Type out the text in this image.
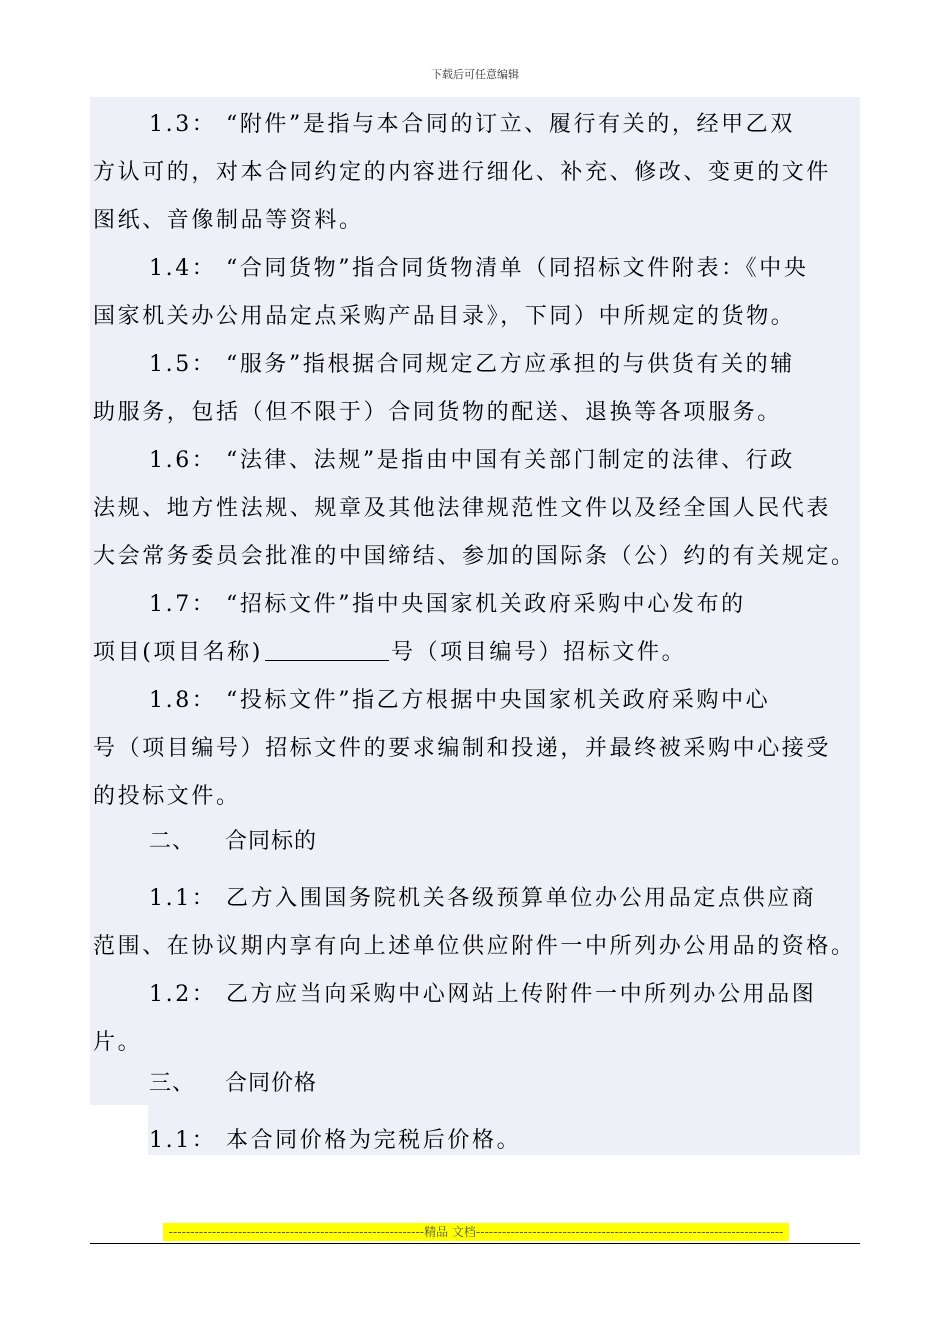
下载后可任意编辑
1.3： “附件”是指与本合同的订立、履行有关的，经甲乙双
方认可的，对本合同约定的内容进行细化、补充、修改、变更的文件
图纸、音像制品等资料。
1.4： “合同货物”指合同货物清单（同招标文件附表：《中央
国家机关办公用品定点采购产品目录》，下同）中所规定的货物。
1.5： “服务”指根据合同规定乙方应承担的与供货有关的辅
助服务，包括（但不限于）合同货物的配送、退换等各项服务。
1.6： “法律、法规”是指由中国有关部门制定的法律、行政
法规、地方性法规、规章及其他法律规范性文件以及经全国人民代表
大会常务委员会批准的中国缔结、参加的国际条（公）约的有关规定。
1.7： “招标文件”指中央国家机关政府采购中心发布的
项目(项目名称)	号（项目编号）招标文件。
1.8： “投标文件”指乙方根据中央国家机关政府采购中心
号（项目编号）招标文件的要求编制和投递，并最终被采购中心接受
的投标文件。
二、 合同标的
1.1： 乙方入围国务院机关各级预算单位办公用品定点供应商
范围、在协议期内享有向上述单位供应附件一中所列办公用品的资格。
1.2： 乙方应当向采购中心网站上传附件一中所列办公用品图
片。
三、 合同价格
1.1： 本合同价格为完税后价格。
-----------------------------------------------------------精品 文档-----------------------------------------------------------------------
